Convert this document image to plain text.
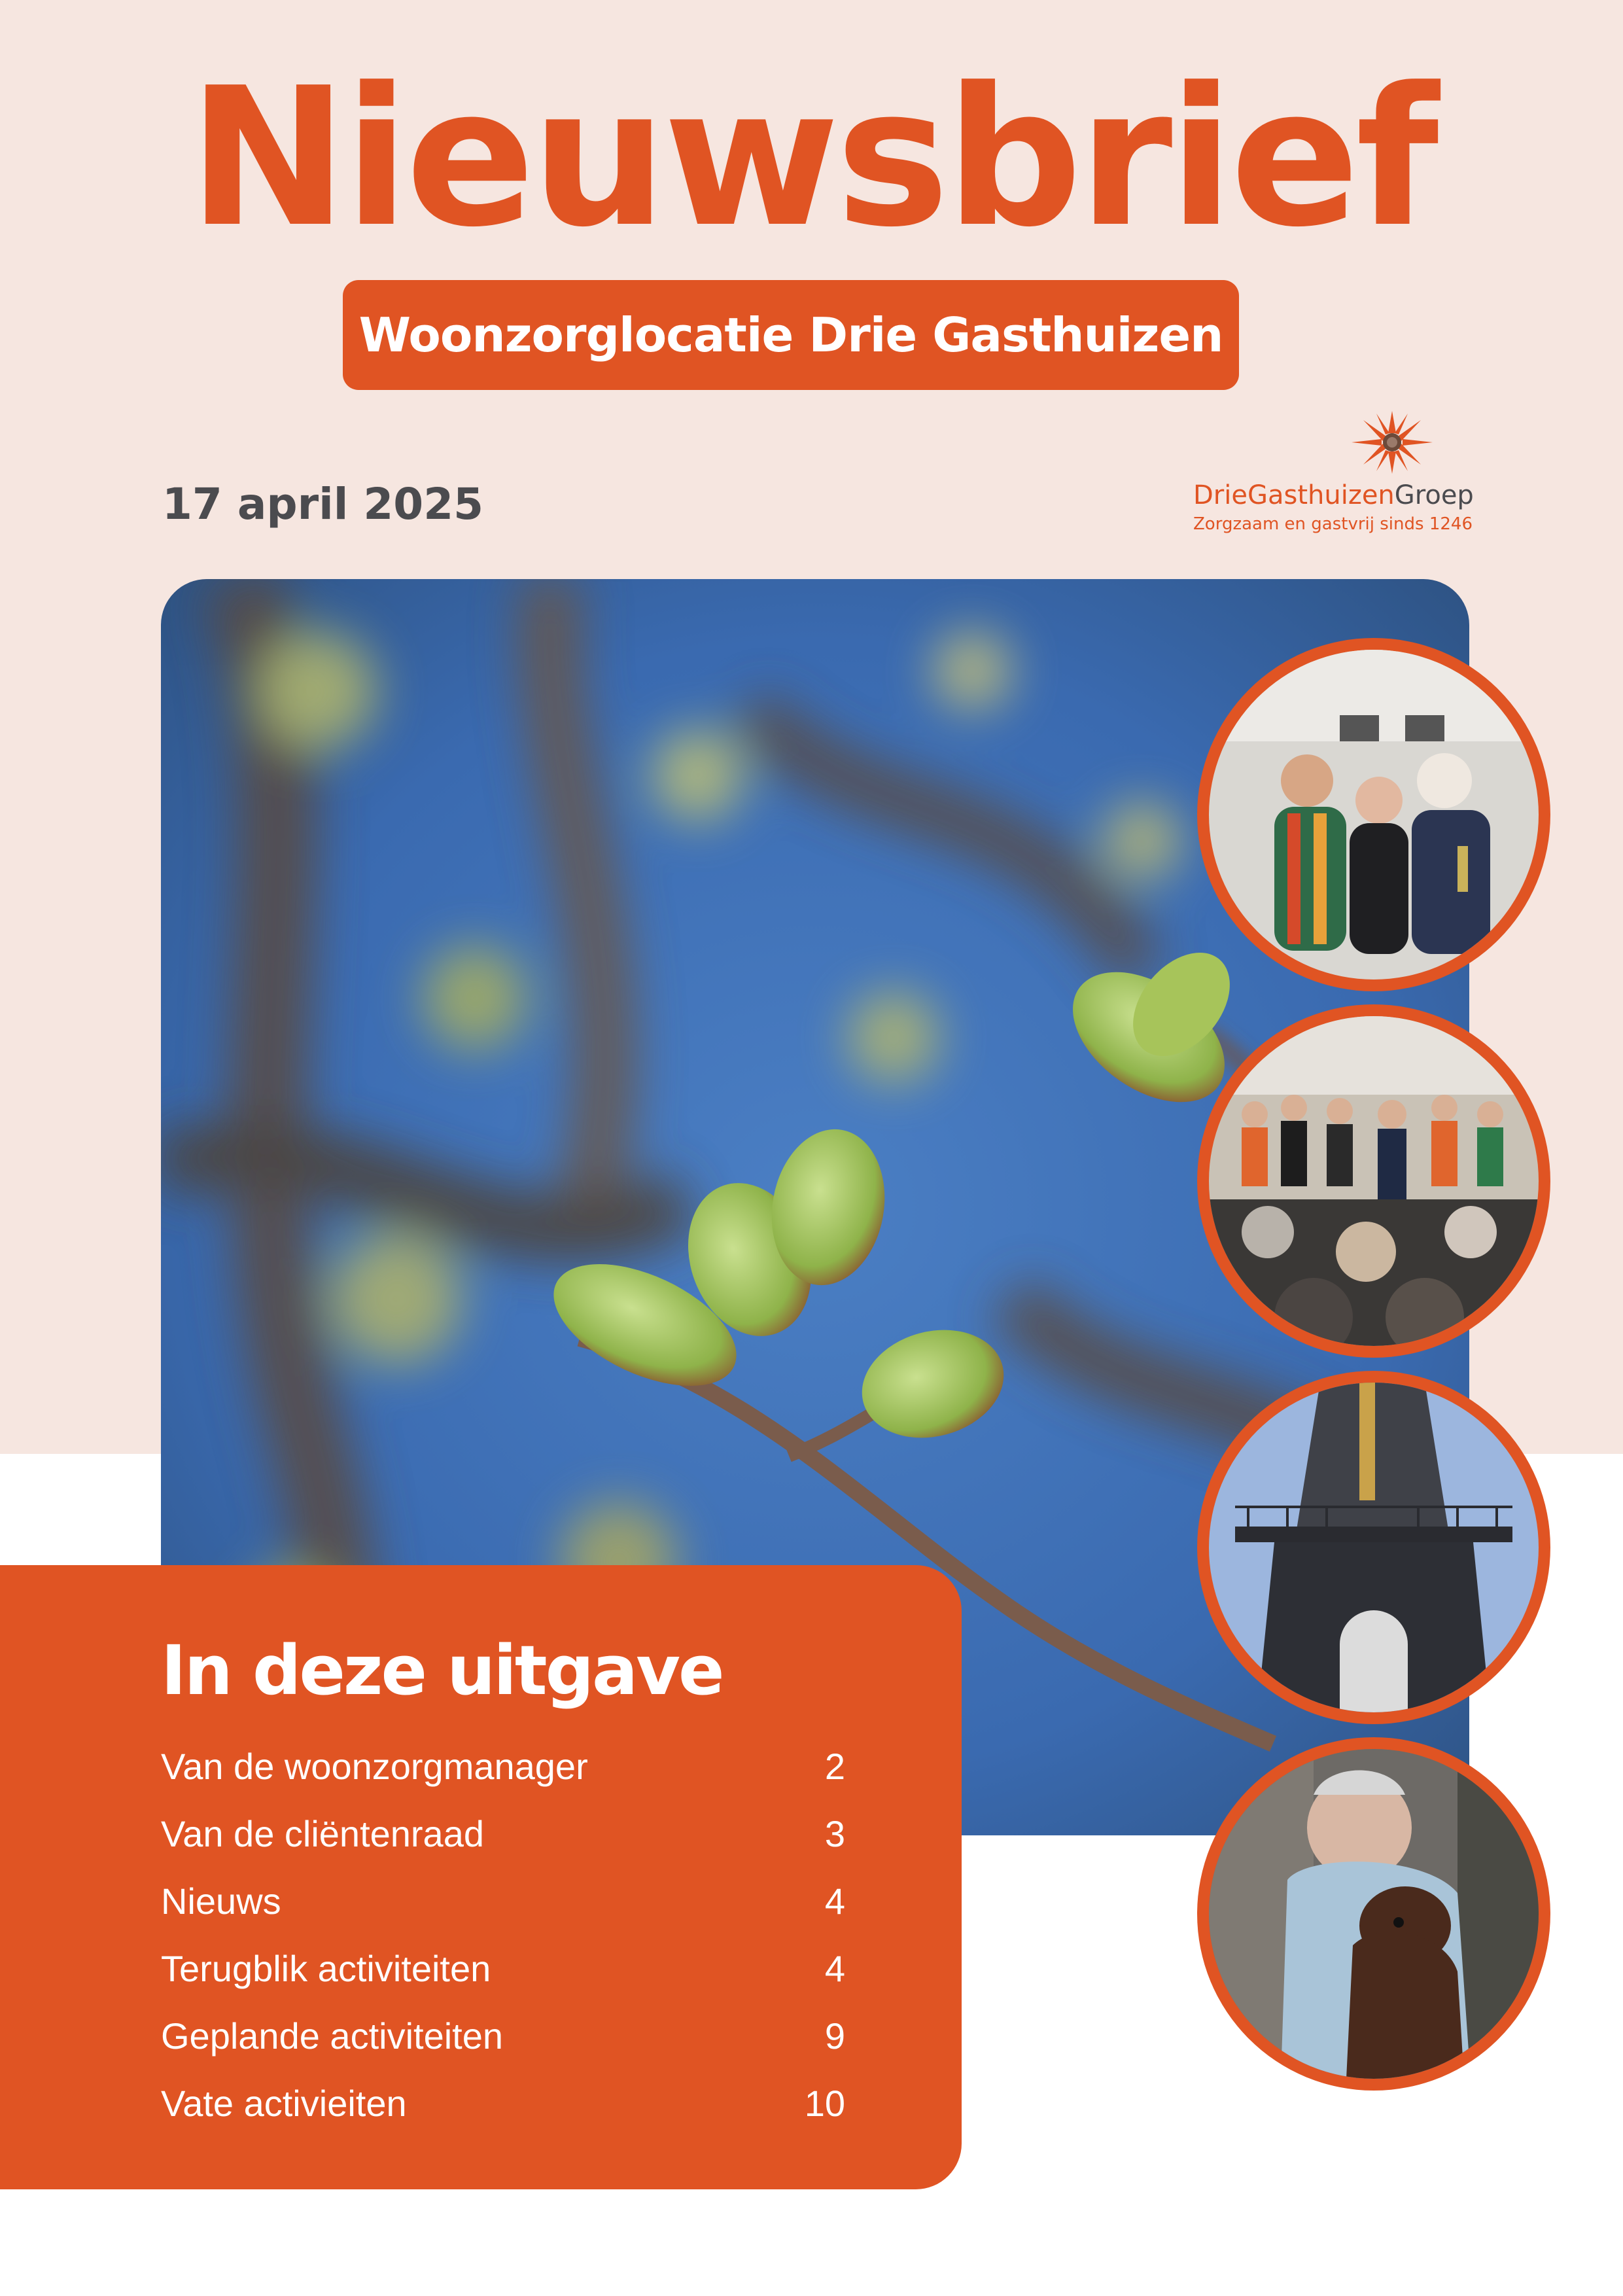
Nieuwsbrief
Woonzorglocatie Drie Gasthuizen
17 april 2025	DrieGasthuizenGroep
Zorgzaam en gastvrij sinds 1246
In deze uitgave
Van de woonzorgmanager	2
Van de cliëntenraad	3
Nieuws	4
Terugblik activiteiten	4
Geplande activiteiten	9
Vate activieiten	10
